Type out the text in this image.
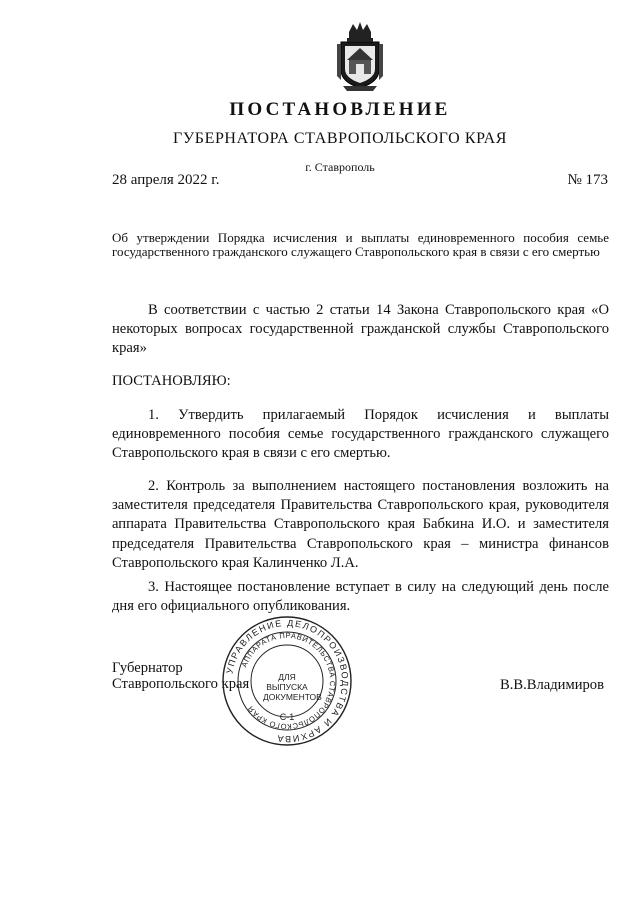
ПОСТАНОВЛЕНИЕ
ГУБЕРНАТОРА СТАВРОПОЛЬСКОГО КРАЯ
г. Ставрополь
28 апреля 2022 г.	№ 173
Об утверждении Порядка исчисления и выплаты единовременного пособия семье государственного гражданского служащего Ставропольского края в связи с его смертью
В соответствии с частью 2 статьи 14 Закона Ставропольского края «О некоторых вопросах государственной гражданской службы Ставропольского края»
ПОСТАНОВЛЯЮ:
1. Утвердить прилагаемый Порядок исчисления и выплаты единовременного пособия семье государственного гражданского служащего Ставропольского края в связи с его смертью.
2. Контроль за выполнением настоящего постановления возложить на заместителя председателя Правительства Ставропольского края, руководителя аппарата Правительства Ставропольского края Бабкина И.О. и заместителя председателя Правительства Ставропольского края – министра финансов Ставропольского края Калинченко Л.А.
3. Настоящее постановление вступает в силу на следующий день после дня его официального опубликования.
Губернатор
Ставропольского края	В.В.Владимиров
УПРАВЛЕНИЕ ДЕЛОПРОИЗВОДСТВА И АРХИВА
АППАРАТА ПРАВИТЕЛЬСТВА СТАВРОПОЛЬСКОГО КРАЯ
ДЛЯ ВЫПУСКА ДОКУМЕНТОВ
С-1
